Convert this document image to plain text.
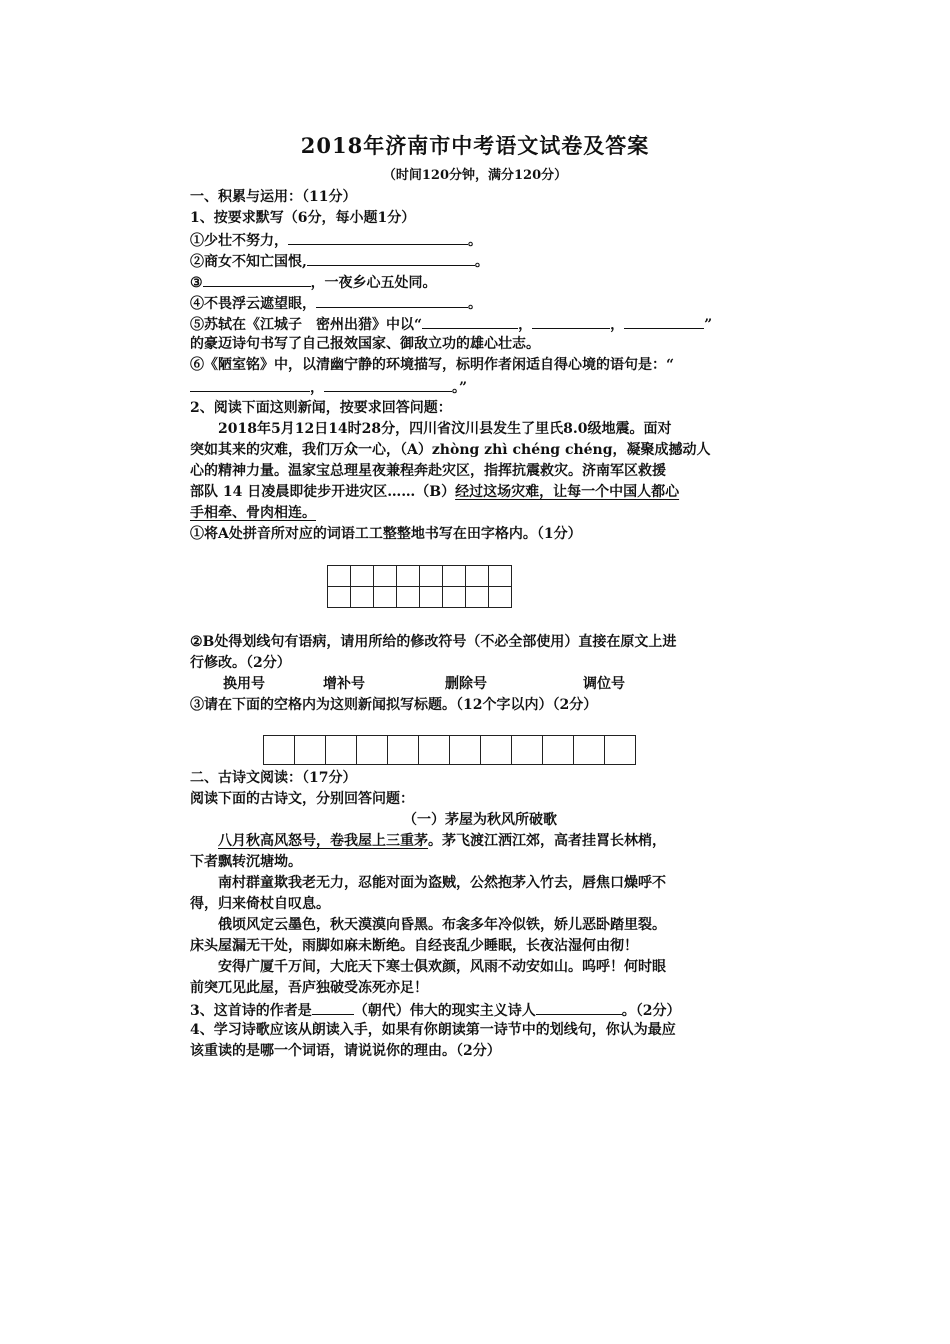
2018年济南市中考语文试卷及答案
（时间120分钟，满分120分）
一、积累与运用：（11分）
1、按要求默写（6分，每小题1分）
①少壮不努力，	。
②商女不知亡国恨,	。
③	，一夜乡心五处同。
④不畏浮云遮望眼，	。
⑤苏轼在《江城子　密州出猎》中以“	，	，	”
的豪迈诗句书写了自己报效国家、御敌立功的雄心壮志。
⑥《陋室铭》中，以清幽宁静的环境描写，标明作者闲适自得心境的语句是：“
，	。”
2、阅读下面这则新闻，按要求回答问题：
　　2018年5月12日14时28分，四川省汶川县发生了里氏8.0级地震。面对
突如其来的灾难，我们万众一心，（A）zhòng zhì chéng chéng，凝聚成撼动人
心的精神力量。温家宝总理星夜兼程奔赴灾区，指挥抗震救灾。济南军区救援
部队 14 日凌晨即徒步开进灾区……（B）经过这场灾难，让每一个中国人都心
手相牵、骨肉相连。
①将A处拼音所对应的词语工工整整地书写在田字格内。（1分）

②B处得划线句有语病，请用所给的修改符号（不必全部使用）直接在原文上进
行修改。（2分）
换用号	增补号	删除号	调位号
③请在下面的空格内为这则新闻拟写标题。（12个字以内）（2分）

二、古诗文阅读：（17分）
阅读下面的古诗文，分别回答问题：
（一）茅屋为秋风所破歌
　　八月秋高风怒号，卷我屋上三重茅。茅飞渡江洒江郊，高者挂罥长林梢，
下者飘转沉塘坳。
　　南村群童欺我老无力，忍能对面为盗贼，公然抱茅入竹去，唇焦口燥呼不
得，归来倚杖自叹息。
　　俄顷风定云墨色，秋天漠漠向昏黑。布衾多年冷似铁，娇儿恶卧踏里裂。
床头屋漏无干处，雨脚如麻未断绝。自经丧乱少睡眠，长夜沾湿何由彻！
　　安得广厦千万间，大庇天下寒士俱欢颜，风雨不动安如山。呜呼！何时眼
前突兀见此屋，吾庐独破受冻死亦足！
3、这首诗的作者是	（朝代）伟大的现实主义诗人	。（2分）
4、学习诗歌应该从朗读入手，如果有你朗读第一诗节中的划线句，你认为最应
该重读的是哪一个词语，请说说你的理由。（2分）
